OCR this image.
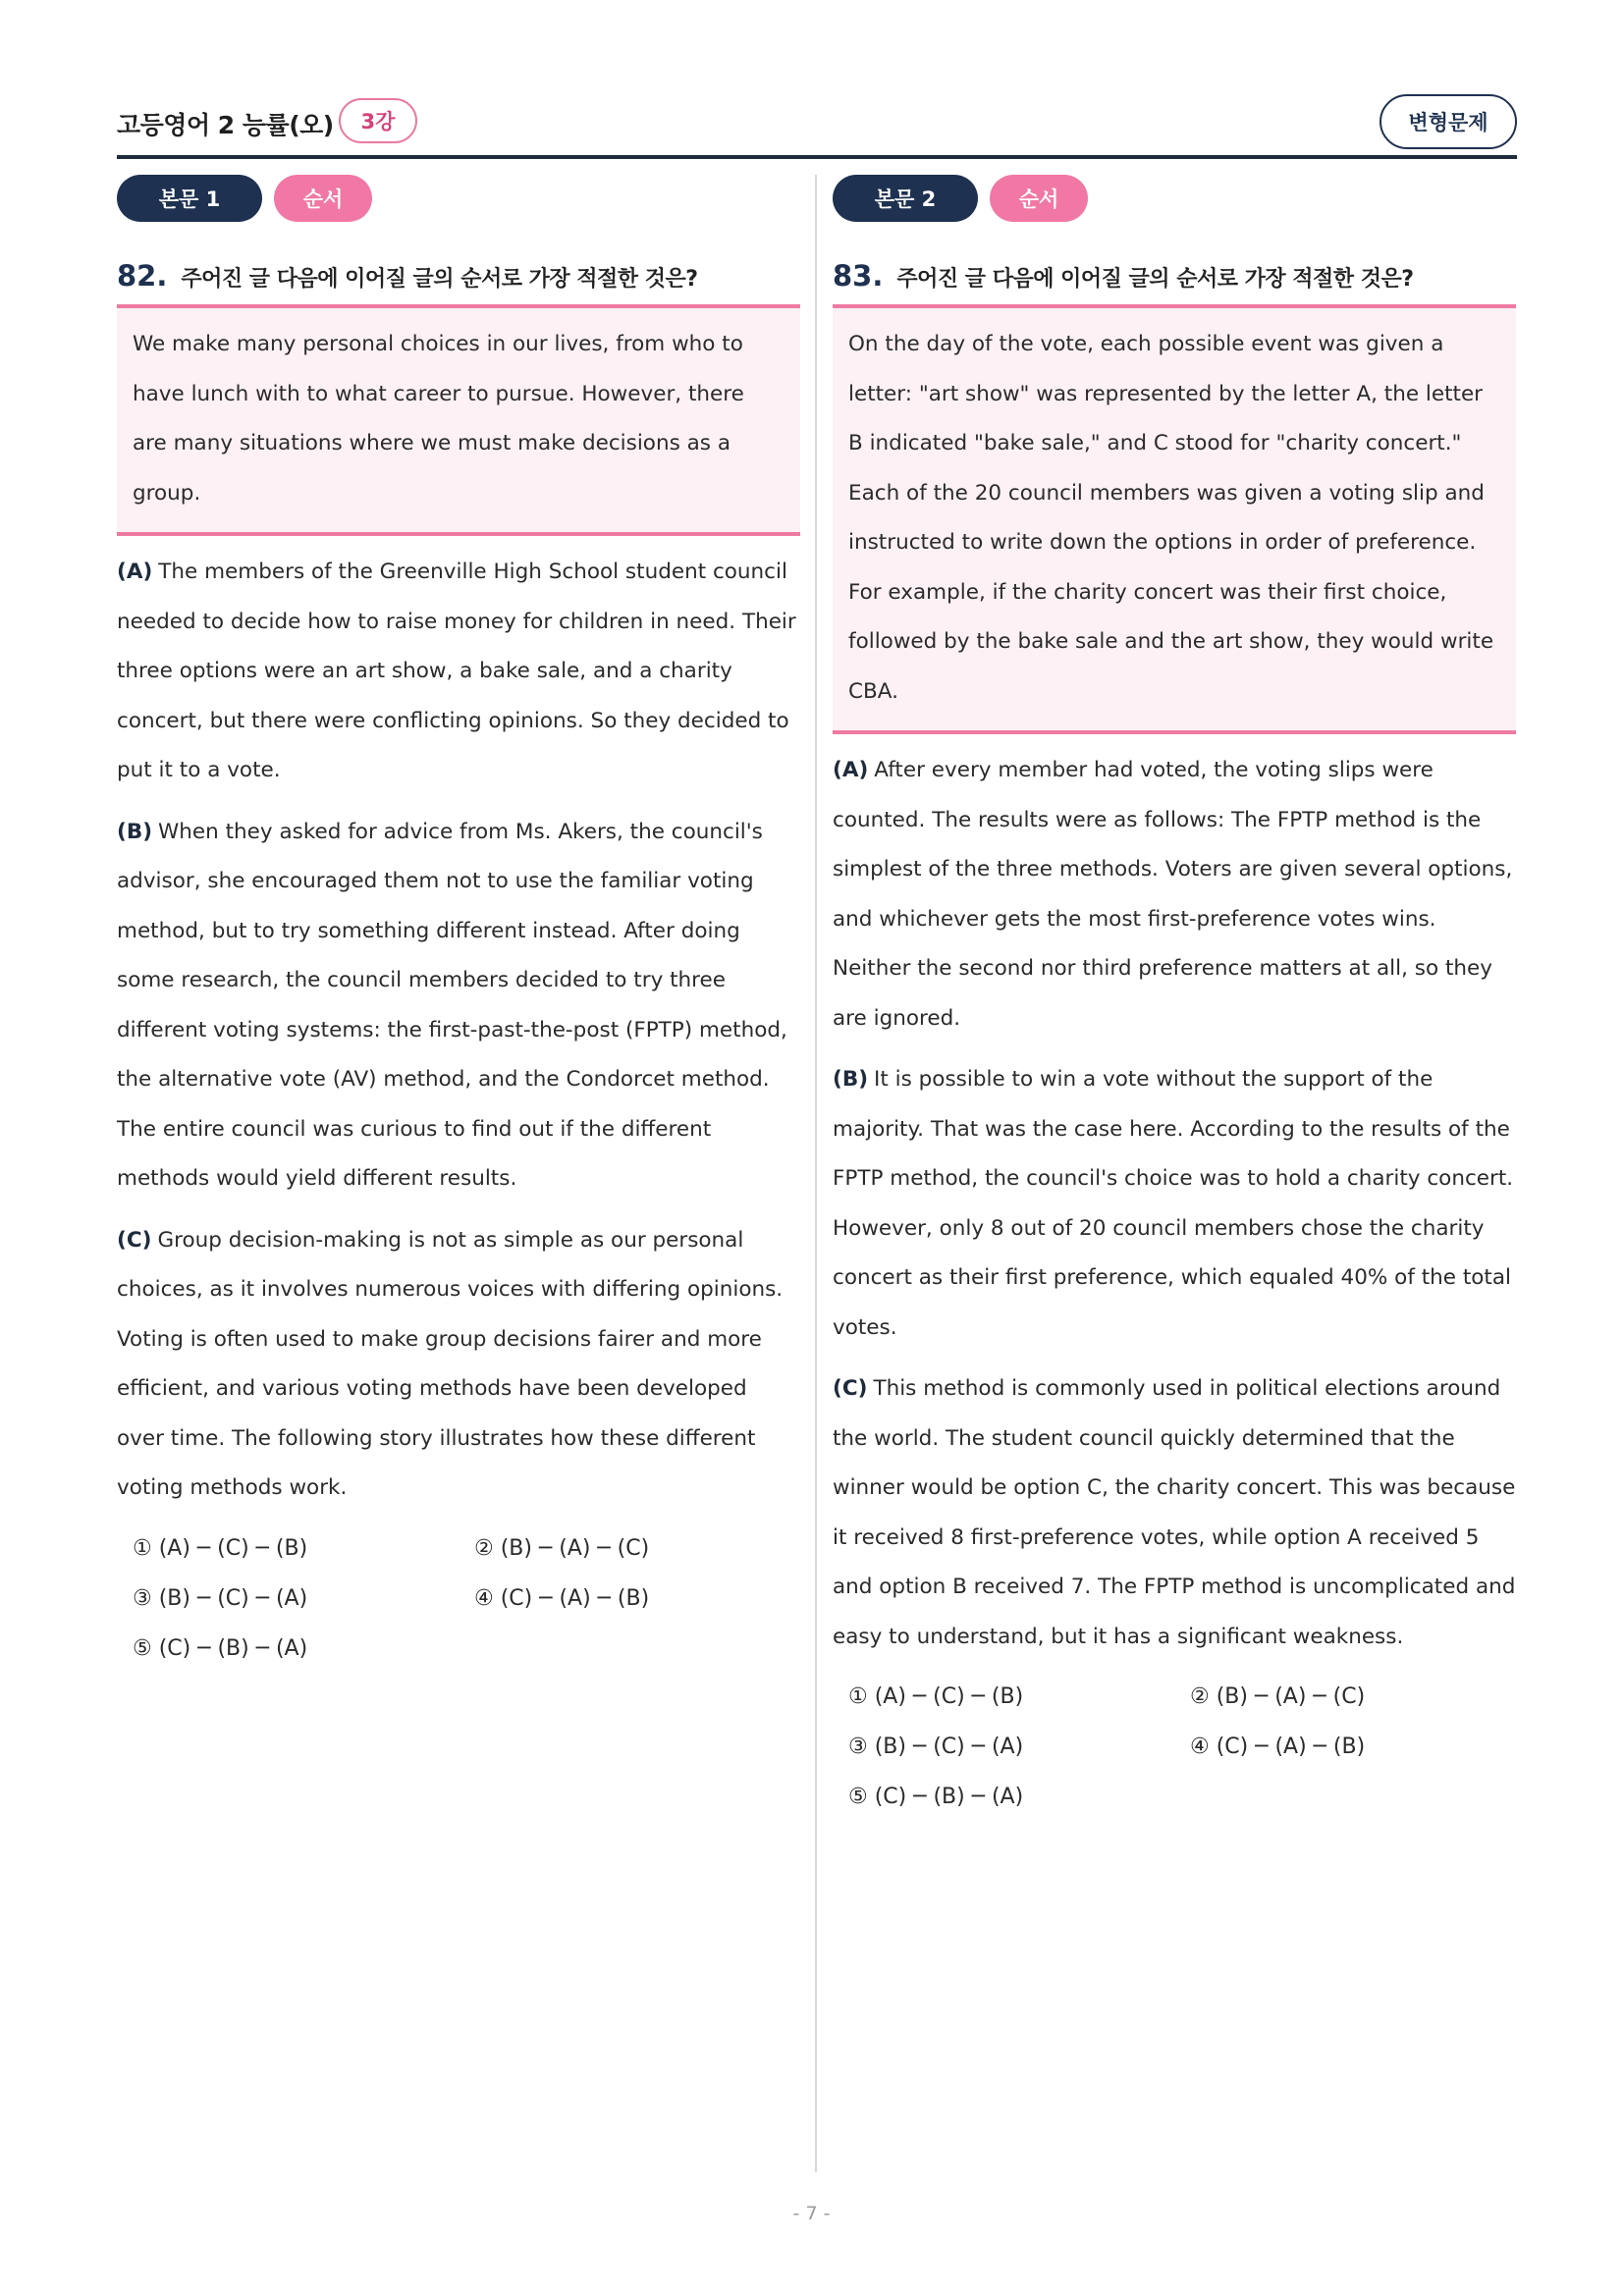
고등영어 2 능률(오)	3강	변형문제
본문 1	순서
82. 주어진 글 다음에 이어질 글의 순서로 가장 적절한 것은?

We make many personal choices in our lives, from who to have lunch with to what career to pursue. However, there are many situations where we must make decisions as a group.

(A) The members of the Greenville High School student council needed to decide how to raise money for children in need. Their three options were an art show, a bake sale, and a charity concert, but there were conflicting opinions. So they decided to put it to a vote.

(B) When they asked for advice from Ms. Akers, the council's advisor, she encouraged them not to use the familiar voting method, but to try something different instead. After doing some research, the council members decided to try three different voting systems: the first-past-the-post (FPTP) method, the alternative vote (AV) method, and the Condorcet method. The entire council was curious to find out if the different methods would yield different results.

(C) Group decision-making is not as simple as our personal choices, as it involves numerous voices with differing opinions. Voting is often used to make group decisions fairer and more efficient, and various voting methods have been developed over time. The following story illustrates how these different voting methods work.

① (A) ─ (C) ─ (B)	② (B) ─ (A) ─ (C)
③ (B) ─ (C) ─ (A)	④ (C) ─ (A) ─ (B)
⑤ (C) ─ (B) ─ (A)
본문 2	순서
83. 주어진 글 다음에 이어질 글의 순서로 가장 적절한 것은?

On the day of the vote, each possible event was given a letter: "art show" was represented by the letter A, the letter B indicated "bake sale," and C stood for "charity concert." Each of the 20 council members was given a voting slip and instructed to write down the options in order of preference. For example, if the charity concert was their first choice, followed by the bake sale and the art show, they would write CBA.

(A) After every member had voted, the voting slips were counted. The results were as follows: The FPTP method is the simplest of the three methods. Voters are given several options, and whichever gets the most first-preference votes wins. Neither the second nor third preference matters at all, so they are ignored.

(B) It is possible to win a vote without the support of the majority. That was the case here. According to the results of the FPTP method, the council's choice was to hold a charity concert. However, only 8 out of 20 council members chose the charity concert as their first preference, which equaled 40% of the total votes.

(C) This method is commonly used in political elections around the world. The student council quickly determined that the winner would be option C, the charity concert. This was because it received 8 first-preference votes, while option A received 5 and option B received 7. The FPTP method is uncomplicated and easy to understand, but it has a significant weakness.

① (A) ─ (C) ─ (B)	② (B) ─ (A) ─ (C)
③ (B) ─ (C) ─ (A)	④ (C) ─ (A) ─ (B)
⑤ (C) ─ (B) ─ (A)
- 7 -
